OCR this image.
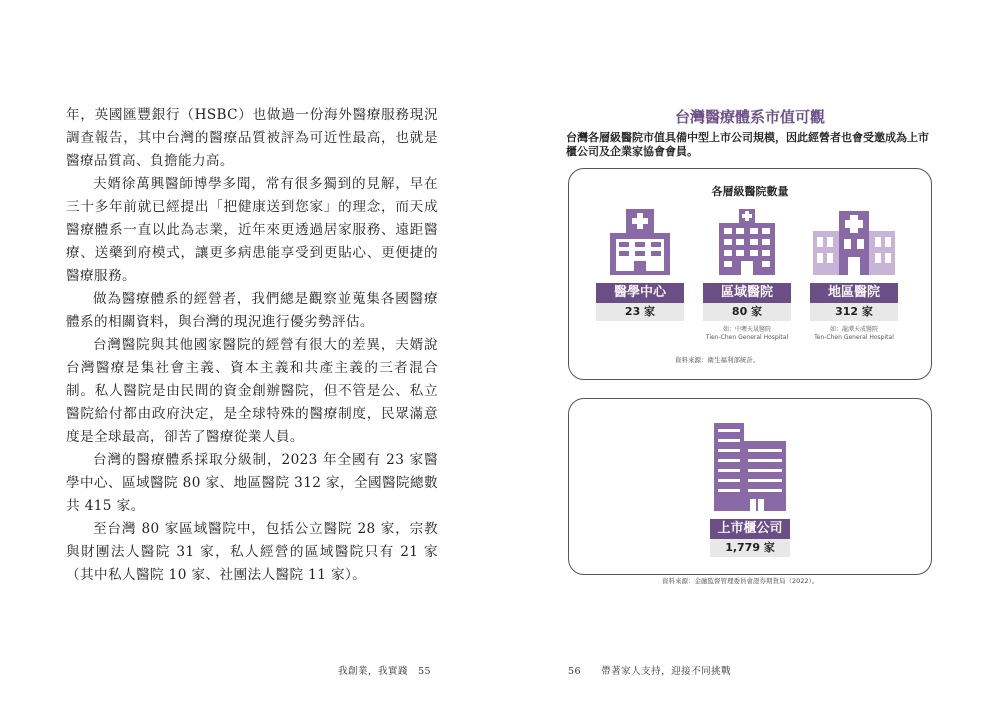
年，英國匯豐銀行（HSBC）也做過一份海外醫療服務現況調查報告，其中台灣的醫療品質被評為可近性最高，也就是醫療品質高、負擔能力高。

夫婿徐萬興醫師博學多聞，常有很多獨到的見解，早在三十多年前就已經提出「把健康送到您家」的理念，而天成醫療體系一直以此為志業，近年來更透過居家服務、遠距醫療、送藥到府模式，讓更多病患能享受到更貼心、更便捷的醫療服務。

做為醫療體系的經營者，我們總是觀察並蒐集各國醫療體系的相關資料，與台灣的現況進行優劣勢評估。

台灣醫院與其他國家醫院的經營有很大的差異，夫婿說台灣醫療是集社會主義、資本主義和共產主義的三者混合制。私人醫院是由民間的資金創辦醫院，但不管是公、私立醫院給付都由政府決定，是全球特殊的醫療制度，民眾滿意度是全球最高，卻苦了醫療從業人員。

台灣的醫療體系採取分級制，2023 年全國有 23 家醫學中心、區域醫院 80 家、地區醫院 312 家，全國醫院總數共 415 家。

至台灣 80 家區域醫院中，包括公立醫院 28 家，宗教與財團法人醫院 31 家，私人經營的區域醫院只有 21 家（其中私人醫院 10 家、社團法人醫院 11 家）。

我創業，我實踐　55
台灣醫療體系市值可觀
台灣各層級醫院市值具備中型上市公司規模，因此經營者也會受邀成為上市櫃公司及企業家協會會員。
各層級醫院數量
醫學中心
23 家
區域醫院
80 家
如：中壢天晟醫院
Tien-Chen General Hospital
地區醫院
312 家
如：龍潭天成醫院
Ten-Chen General Hospital
資料來源：衛生福利部統計。
上市櫃公司
1,779 家
資料來源：金融監督管理委員會證券期貨局（2022）。
56　　帶著家人支持，迎接不同挑戰
